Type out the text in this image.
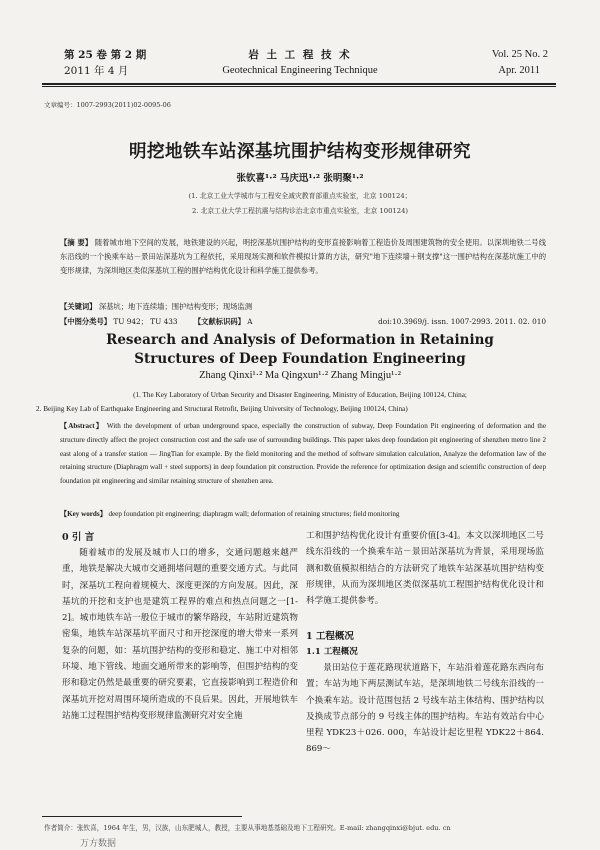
第 25 卷 第 2 期
2011 年 4 月
岩 土 工 程 技 术
Geotechnical Engineering Technique
Vol. 25 No. 2
Apr. 2011
文章编号：1007-2993(2011)02-0095-06
明挖地铁车站深基坑围护结构变形规律研究
张钦喜¹·² 马庆迅¹·² 张明聚¹·²
(1. 北京工业大学城市与工程安全减灾教育部重点实验室，北京 100124；
2. 北京工业大学工程抗震与结构诊治北京市重点实验室，北京 100124)
【摘 要】 随着城市地下空间的发展，地铁建设的兴起，明挖深基坑围护结构的变形直接影响着工程造价及周围建筑物的安全使用。以深圳地铁二号线东沿线的一个换乘车站－景田站深基坑为工程依托，采用现场实测和软件模拟计算的方法，研究"地下连续墙＋钢支撑"这一围护结构在深基坑施工中的变形规律，为深圳地区类似深基坑工程的围护结构优化设计和科学施工提供参考。
【关键词】 深基坑；地下连续墙；围护结构变形；现场监测
【中图分类号】 TU 942； TU 433 【文献标识码】 A	doi:10.3969/j. issn. 1007-2993. 2011. 02. 010
Research and Analysis of Deformation in Retaining
Structures of Deep Foundation Engineering
Zhang Qinxi¹·² Ma Qingxun¹·² Zhang Mingju¹·²
(1. The Key Laboratory of Urban Security and Disaster Engineering, Ministry of Education, Beijing 100124, China;
2. Beijing Key Lab of Earthquake Engineering and Structural Retrofit, Beijing University of Technology, Beijing 100124, China)
【Abstract】 With the development of urban underground space, especially the construction of subway, Deep Foundation Pit engineering of deformation and the structure directly affect the project construction cost and the safe use of surrounding buildings. This paper takes deep foundation pit engineering of shenzhen metro line 2 east along of a transfer station — JingTian for example. By the field monitoring and the method of software simulation calculation, Analyze the deformation law of the retaining structure (Diaphragm wall + steel supports) in deep foundation pit construction. Provide the reference for optimization design and scientific construction of deep foundation pit engineering and similar retaining structure of shenzhen area.
【Key words】 deep foundation pit engineering; diaphragm wall; deformation of retaining structures; field monitoring
0 引 言
随着城市的发展及城市人口的增多，交通问题越来越严重，地铁是解决大城市交通拥堵问题的重要交通方式。与此同时，深基坑工程向着规模大、深度更深的方向发展。因此，深基坑的开挖和支护也是建筑工程界的难点和热点问题之一[1-2]。城市地铁车站一般位于城市的繁华路段，车站附近建筑物密集，地铁车站深基坑平面尺寸和开挖深度的增大带来一系列复杂的问题，如：基坑围护结构的变形和稳定、施工中对相邻环境、地下管线、地面交通所带来的影响等，但围护结构的变形和稳定仍然是最重要的研究要素，它直接影响到工程造价和深基坑开挖对周围环境所造成的不良后果。因此，开展地铁车站施工过程围护结构变形规律监测研究对安全施
工和围护结构优化设计有重要价值[3-4]。本文以深圳地区二号线东沿线的一个换乘车站－景田站深基坑为背景，采用现场监测和数值模拟相结合的方法研究了地铁车站深基坑围护结构变形规律，从而为深圳地区类似深基坑工程围护结构优化设计和科学施工提供参考。
1 工程概况
1.1 工程概况
景田站位于莲花路现状道路下，车站沿着莲花路东西向布置；车站为地下两层测试车站，是深圳地铁二号线东沿线的一个换乘车站。设计范围包括 2 号线车站主体结构、围护结构以及换成节点部分的 9 号线主体的围护结构。车站有效站台中心里程 YDK23＋026. 000，车站设计起讫里程 YDK22＋864. 869～
作者简介：张钦喜，1964 年生，男，汉族，山东肥城人，教授，主要从事地基基础及地下工程研究。E-mail: zhangqinxi@bjut. edu. cn
万方数据
